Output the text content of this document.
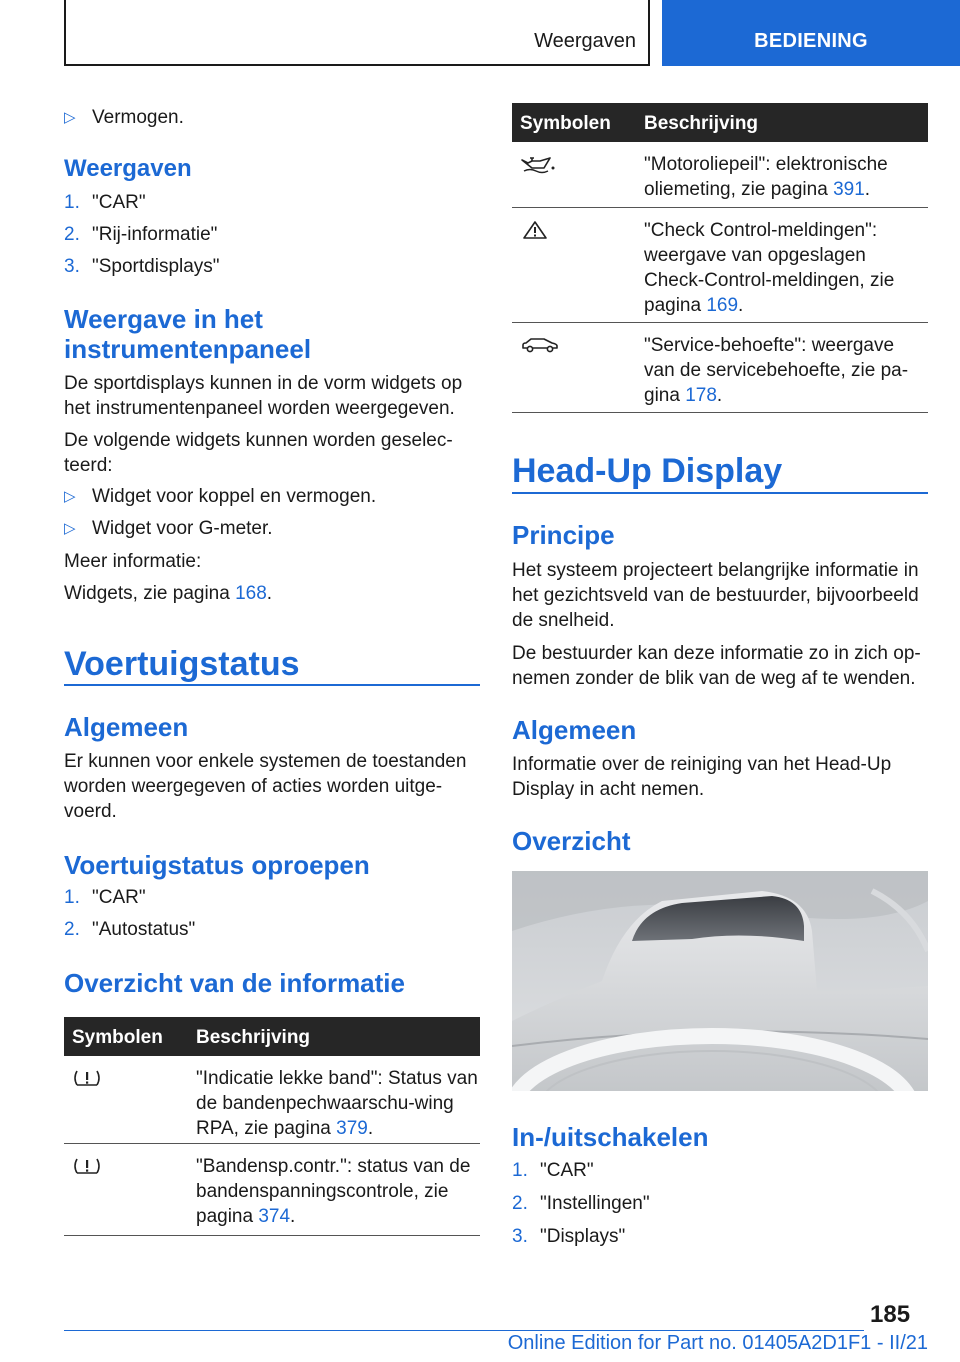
Weergaven	BEDIENING
▷ Vermogen.
Weergaven
1. "CAR"
2. "Rij-informatie"
3. "Sportdisplays"
Weergave in het instrumentenpaneel
De sportdisplays kunnen in de vorm widgets op het instrumentenpaneel worden weergegeven.
De volgende widgets kunnen worden geselec-teerd:
▷ Widget voor koppel en vermogen.
▷ Widget voor G-meter.
Meer informatie:
Widgets, zie pagina 168.
Voertuigstatus
Algemeen
Er kunnen voor enkele systemen de toestanden worden weergegeven of acties worden uitge-voerd.
Voertuigstatus oproepen
1. "CAR"
2. "Autostatus"
Overzicht van de informatie
Symbolen Beschrijving
"Indicatie lekke band": Status van de bandenpechwaarschu-wing RPA, zie pagina 379.
"Bandensp.contr.": status van de bandenspanningscontrole, zie pagina 374.
Symbolen Beschrijving
"Motoroliepeil": elektronische oliemeting, zie pagina 391.
"Check Control-meldingen": weergave van opgeslagen Check-Control-meldingen, zie pagina 169.
"Service-behoefte": weergave van de servicebehoefte, zie pa-gina 178.
Head-Up Display
Principe
Het systeem projecteert belangrijke informatie in het gezichtsveld van de bestuurder, bijvoorbeeld de snelheid.
De bestuurder kan deze informatie zo in zich op-nemen zonder de blik van de weg af te wenden.
Algemeen
Informatie over de reiniging van het Head-Up Display in acht nemen.
Overzicht
In-/uitschakelen
1. "CAR"
2. "Instellingen"
3. "Displays"
185
Online Edition for Part no. 01405A2D1F1 - II/21
